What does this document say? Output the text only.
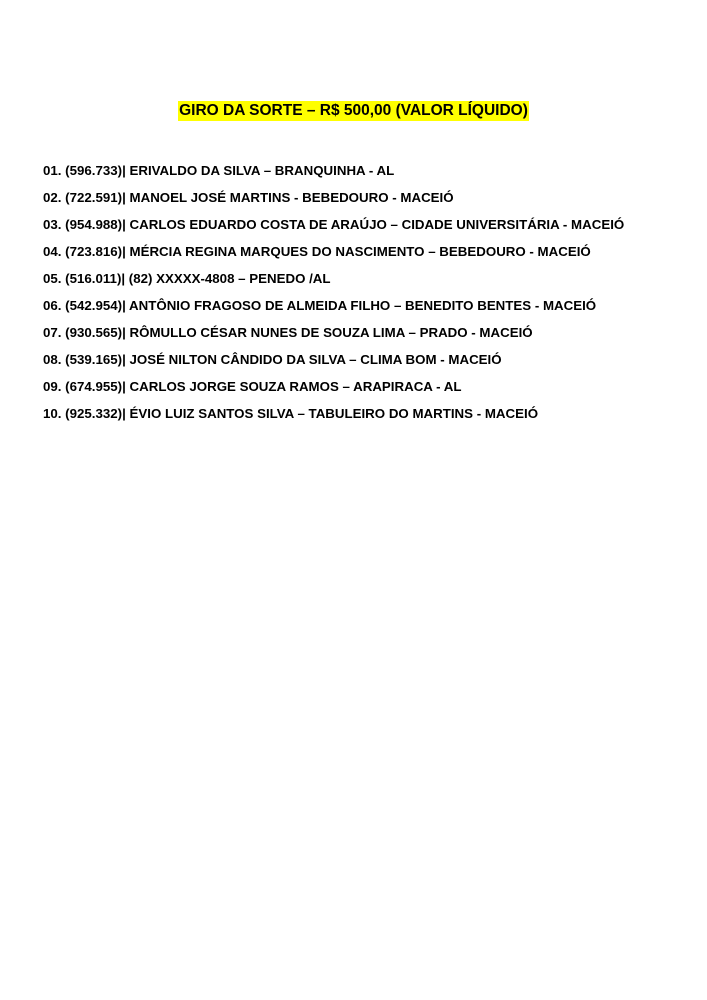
GIRO DA SORTE – R$ 500,00 (VALOR LÍQUIDO)
01. (596.733)| ERIVALDO DA SILVA – BRANQUINHA - AL
02. (722.591)| MANOEL JOSÉ MARTINS - BEBEDOURO - MACEIÓ
03. (954.988)| CARLOS EDUARDO COSTA DE ARAÚJO – CIDADE UNIVERSITÁRIA - MACEIÓ
04. (723.816)| MÉRCIA REGINA MARQUES DO NASCIMENTO – BEBEDOURO - MACEIÓ
05. (516.011)| (82) XXXXX-4808 – PENEDO /AL
06. (542.954)| ANTÔNIO FRAGOSO DE ALMEIDA FILHO – BENEDITO BENTES - MACEIÓ
07. (930.565)| RÔMULLO CÉSAR NUNES DE SOUZA LIMA – PRADO - MACEIÓ
08. (539.165)| JOSÉ NILTON CÂNDIDO DA SILVA – CLIMA BOM - MACEIÓ
09. (674.955)| CARLOS JORGE SOUZA RAMOS – ARAPIRACA - AL
10. (925.332)| ÉVIO LUIZ SANTOS SILVA – TABULEIRO DO MARTINS - MACEIÓ
